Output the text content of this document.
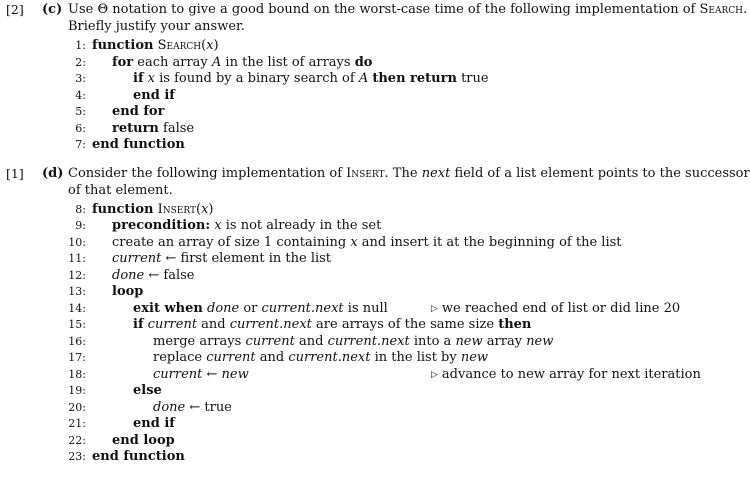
[2] (c) Use Θ notation to give a good bound on the worst-case time of the following implementation of Search.
Briefly justify your answer.
1: function Search(x)
2: for each array A in the list of arrays do
3:	if x is found by a binary search of A then return true
4:	end if
5: end for
6: return false
7: end function
[1] (d) Consider the following implementation of Insert. The next field of a list element points to the successor
of that element.
8: function Insert(x)
9: precondition: x is not already in the set
10: create an array of size 1 containing x and insert it at the beginning of the list
11: current ← first element in the list
12: done ← false
13: loop
14:	exit when done or current.next is null	▷ we reached end of list or did line 20
15:	if current and current.next are arrays of the same size then
16:	merge arrays current and current.next into a new array new
17:	replace current and current.next in the list by new
18:	current ← new	▷ advance to new array for next iteration
19:	else
20:	done ← true
21:	end if
22: end loop
23: end function
